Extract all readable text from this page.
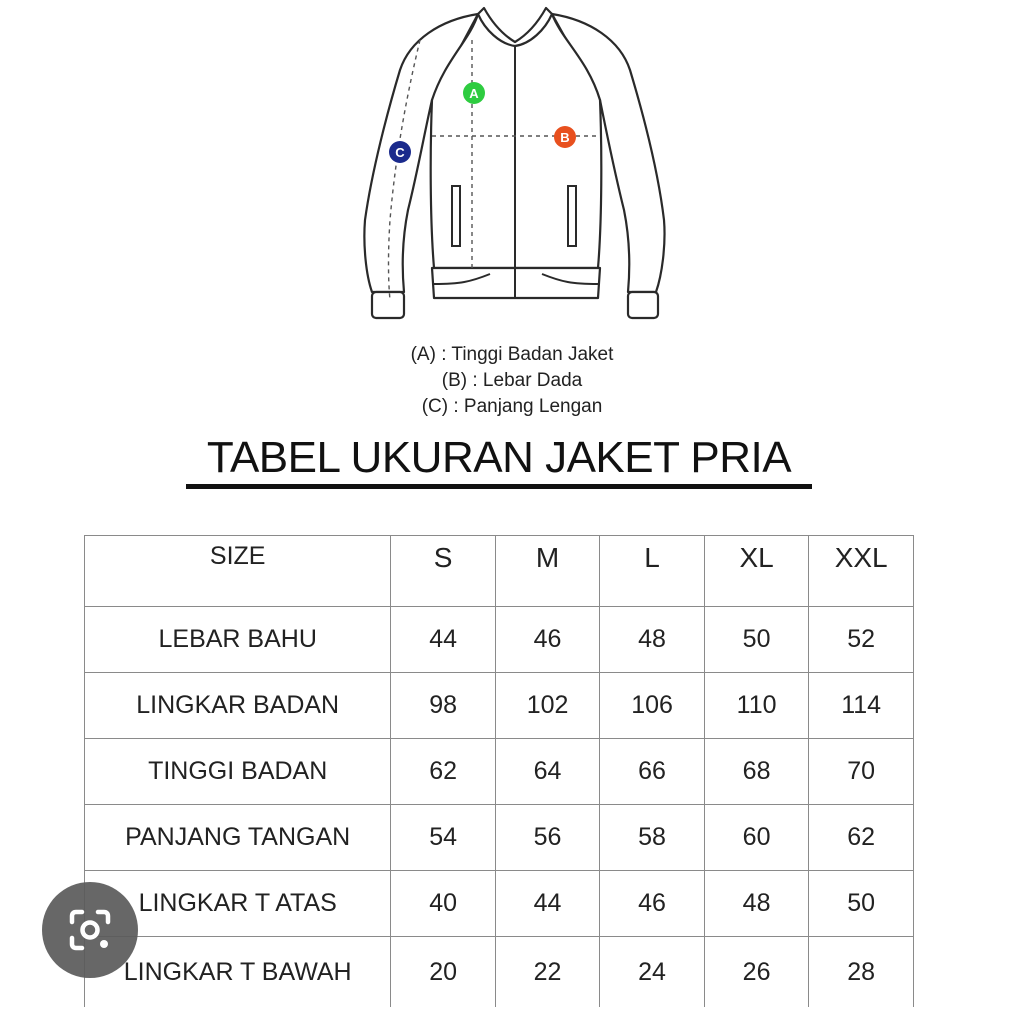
A
B
C
(A) : Tinggi Badan Jaket
(B) : Lebar Dada
(C) : Panjang Lengan
TABEL UKURAN JAKET PRIA
SIZE	S	M	L	XL	XXL
LEBAR BAHU	44	46	48	50	52
LINGKAR BADAN	98	102	106	110	114
TINGGI BADAN	62	64	66	68	70
PANJANG TANGAN	54	56	58	60	62
LINGKAR T ATAS	40	44	46	48	50
LINGKAR T BAWAH	20	22	24	26	28
